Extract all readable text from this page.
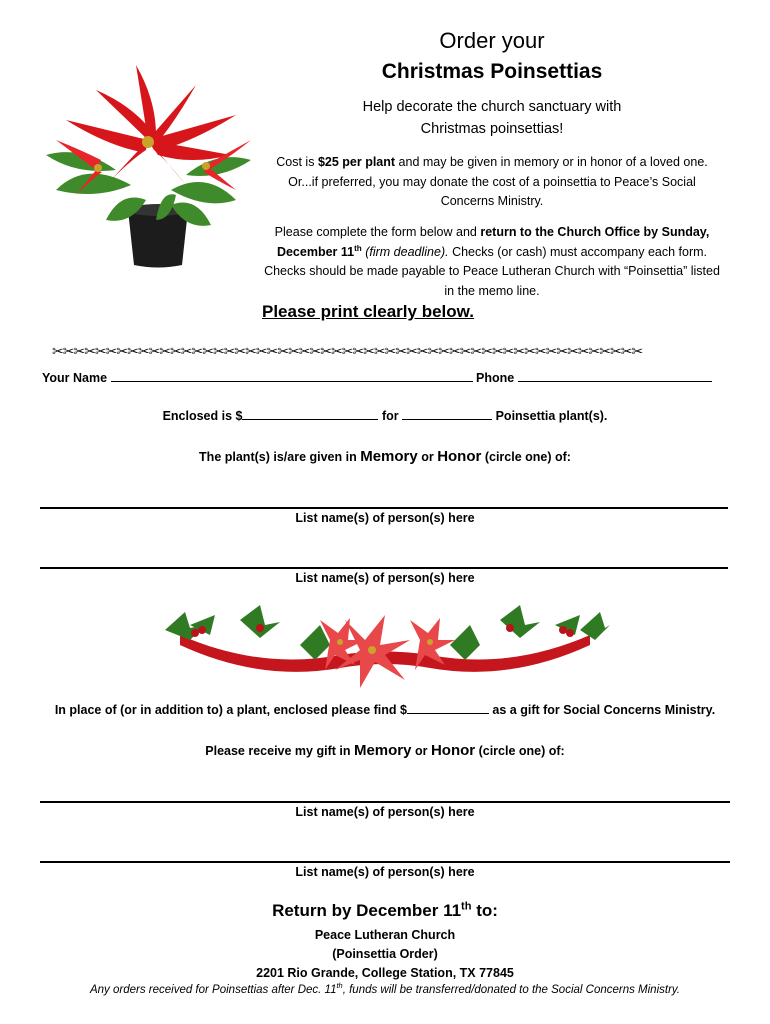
Order your
Christmas Poinsettias
Help decorate the church sanctuary with
Christmas poinsettias!
Cost is $25 per plant and may be given in memory or in honor of a loved one. Or...if preferred, you may donate the cost of a poinsettia to Peace’s Social Concerns Ministry.
Please complete the form below and return to the Church Office by Sunday, December 11th (firm deadline). Checks (or cash) must accompany each form. Checks should be made payable to Peace Lutheran Church with “Poinsettia” listed in the memo line.
Please print clearly below.
✂✂✂✂✂✂✂✂✂✂✂✂✂✂✂✂✂✂✂✂✂✂✂✂✂✂✂✂✂✂✂✂✂✂✂✂✂✂✂✂✂✂✂✂✂✂✂✂✂✂✂✂✂✂✂
Your Name	Phone
Enclosed is $	for	Poinsettia plant(s).
The plant(s) is/are given in Memory or Honor (circle one) of:
List name(s) of person(s) here
List name(s) of person(s) here
In place of (or in addition to) a plant, enclosed please find $	as a gift for Social Concerns Ministry.
Please receive my gift in Memory or Honor (circle one) of:
List name(s) of person(s) here
List name(s) of person(s) here
Return by December 11th to:
Peace Lutheran Church
(Poinsettia Order)
2201 Rio Grande, College Station, TX 77845
Any orders received for Poinsettias after Dec. 11th, funds will be transferred/donated to the Social Concerns Ministry.
